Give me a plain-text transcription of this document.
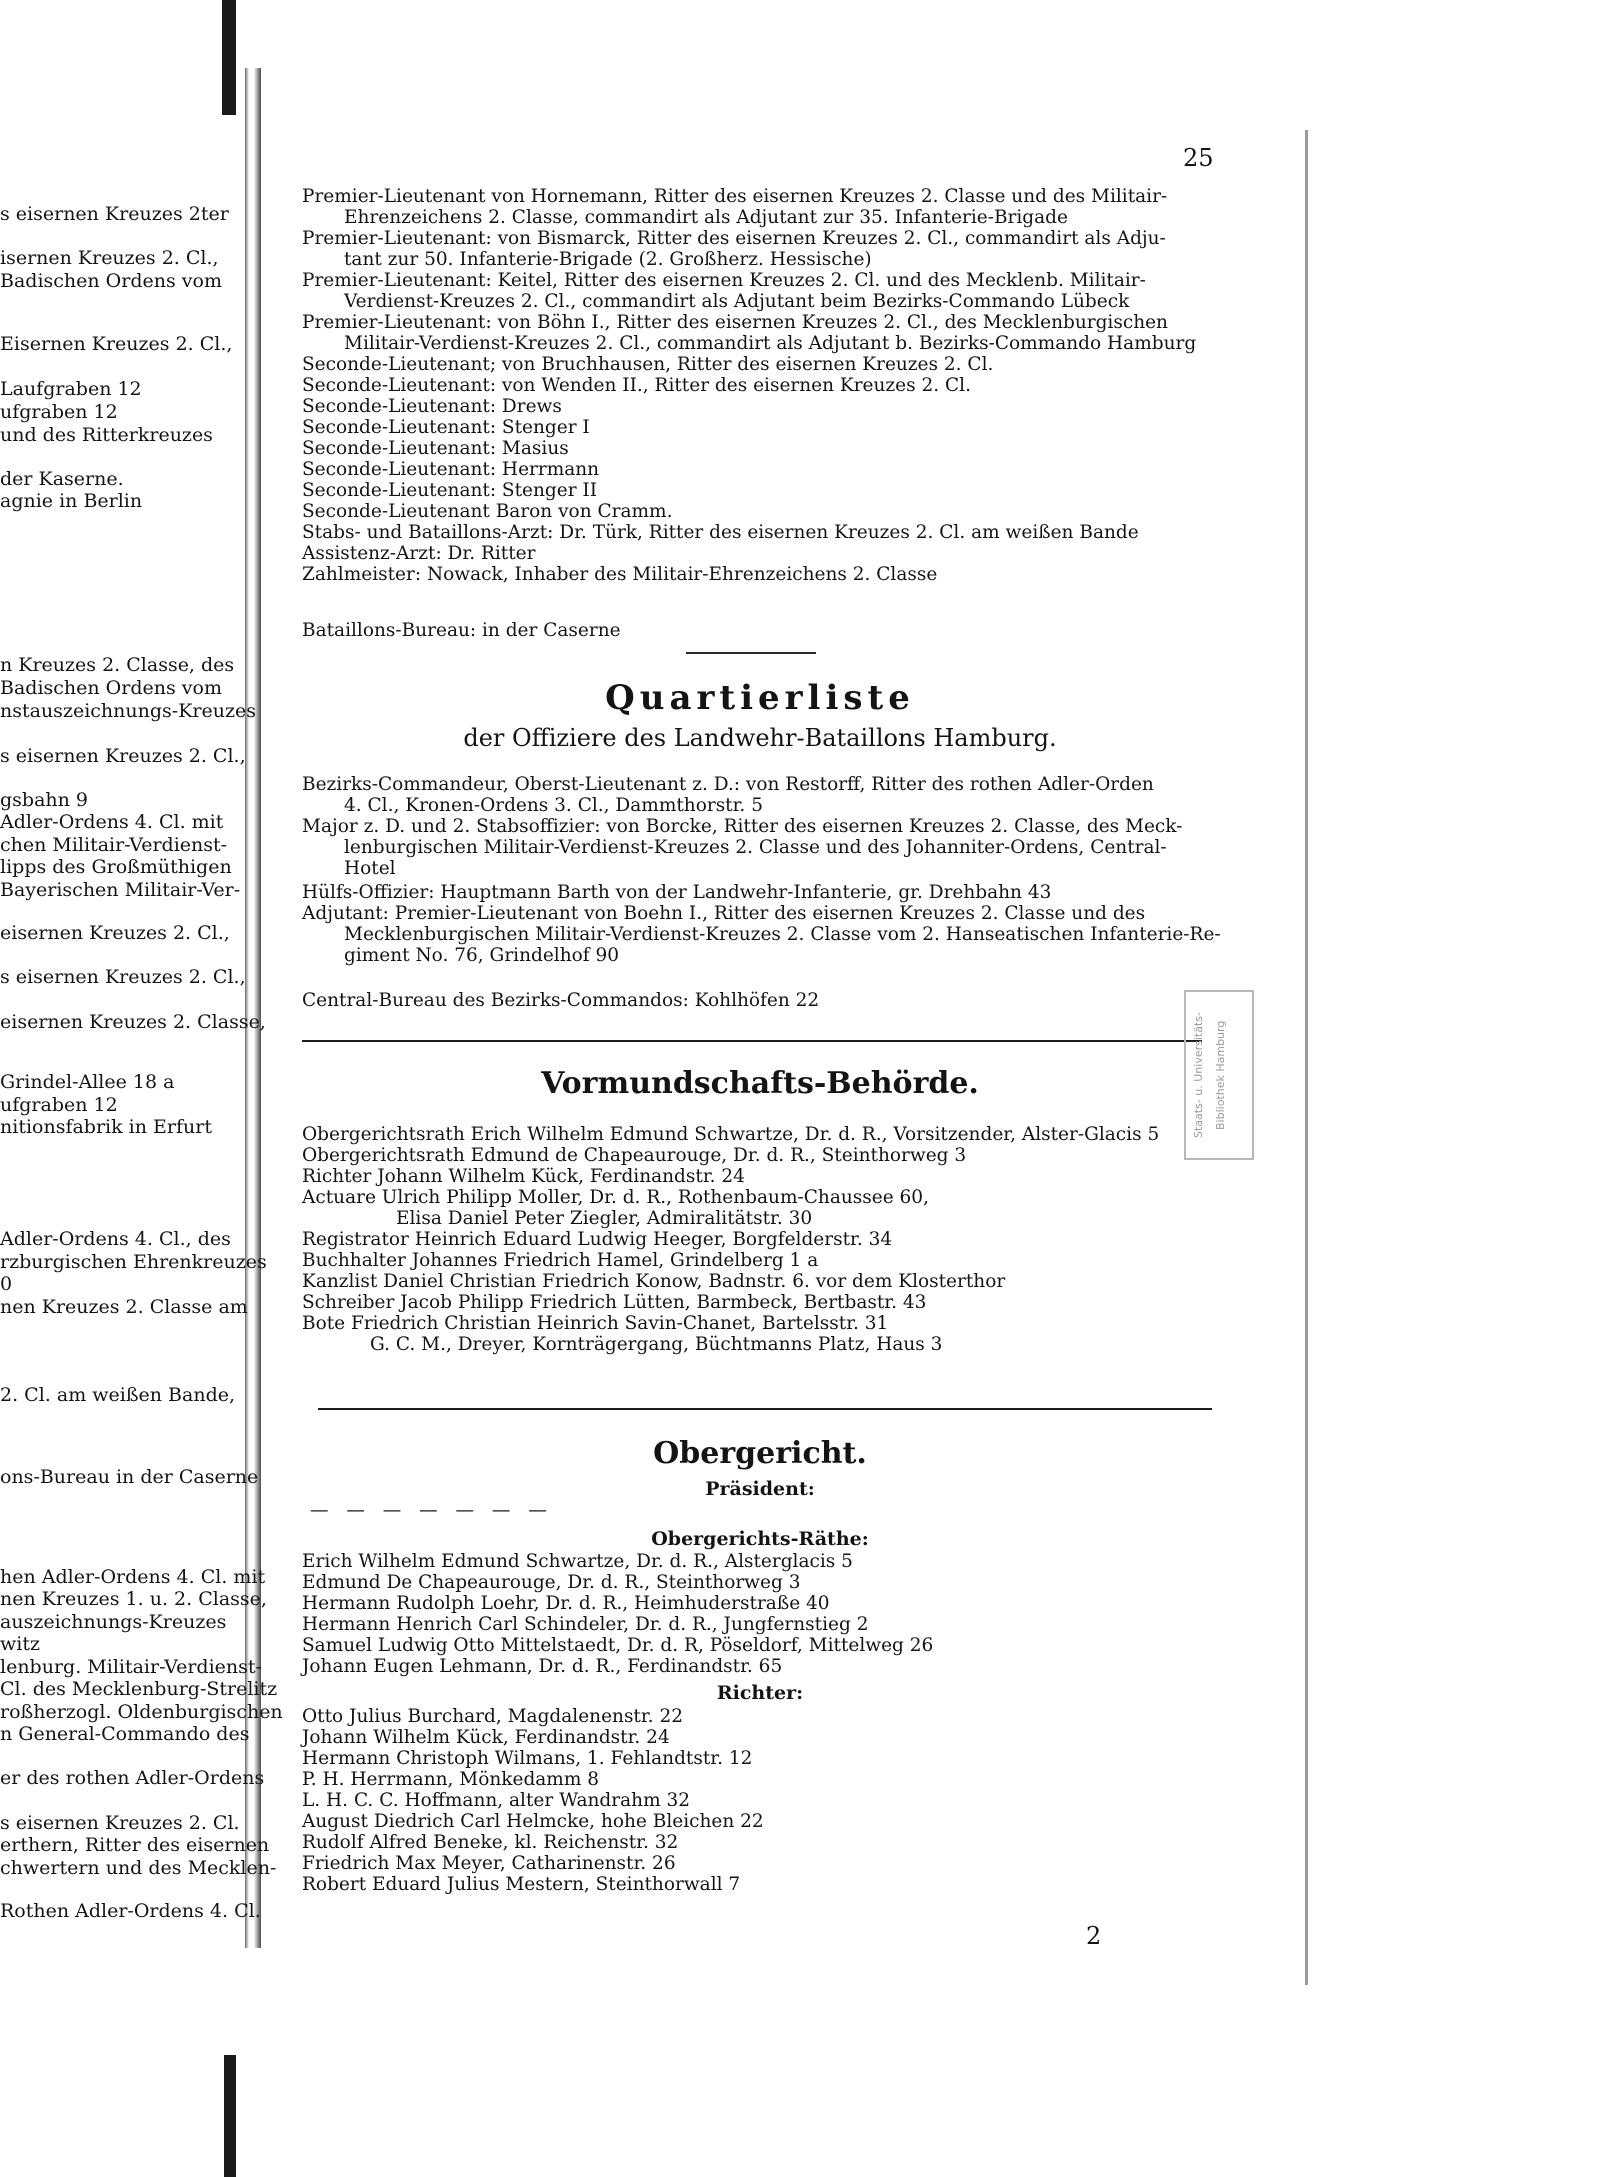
s eisernen Kreuzes 2ter
isernen Kreuzes 2. Cl.,
Badischen Ordens vom
Eisernen Kreuzes 2. Cl.,
Laufgraben 12
ufgraben 12
und des Ritterkreuzes
der Kaserne.
agnie in Berlin
n Kreuzes 2. Classe, des
Badischen Ordens vom
nstauszeichnungs-Kreuzes
s eisernen Kreuzes 2. Cl.,
gsbahn 9
Adler-Ordens 4. Cl. mit
chen Militair-Verdienst-
lipps des Großmüthigen
Bayerischen Militair-Ver-
eisernen Kreuzes 2. Cl.,
s eisernen Kreuzes 2. Cl.,
eisernen Kreuzes 2. Classe,
Grindel-Allee 18 a
ufgraben 12
nitionsfabrik in Erfurt
Adler-Ordens 4. Cl., des
rzburgischen Ehrenkreuzes
0
nen Kreuzes 2. Classe am
2. Cl. am weißen Bande,
ons-Bureau in der Caserne
hen Adler-Ordens 4. Cl. mit
nen Kreuzes 1. u. 2. Classe,
auszeichnungs-Kreuzes
witz
lenburg. Militair-Verdienst-
Cl. des Mecklenburg-Strelitz
roßherzogl. Oldenburgischen
n General-Commando des
er des rothen Adler-Ordens
s eisernen Kreuzes 2. Cl.
erthern, Ritter des eisernen
chwertern und des Mecklen-
Rothen Adler-Ordens 4. Cl.
25
Premier-Lieutenant von Hornemann, Ritter des eisernen Kreuzes 2. Classe und des Militair-
Ehrenzeichens 2. Classe, commandirt als Adjutant zur 35. Infanterie-Brigade
Premier-Lieutenant: von Bismarck, Ritter des eisernen Kreuzes 2. Cl., commandirt als Adju-
tant zur 50. Infanterie-Brigade (2. Großherz. Hessische)
Premier-Lieutenant: Keitel, Ritter des eisernen Kreuzes 2. Cl. und des Mecklenb. Militair-
Verdienst-Kreuzes 2. Cl., commandirt als Adjutant beim Bezirks-Commando Lübeck
Premier-Lieutenant: von Böhn I., Ritter des eisernen Kreuzes 2. Cl., des Mecklenburgischen
Militair-Verdienst-Kreuzes 2. Cl., commandirt als Adjutant b. Bezirks-Commando Hamburg
Seconde-Lieutenant; von Bruchhausen, Ritter des eisernen Kreuzes 2. Cl.
Seconde-Lieutenant: von Wenden II., Ritter des eisernen Kreuzes 2. Cl.
Seconde-Lieutenant: Drews
Seconde-Lieutenant: Stenger I
Seconde-Lieutenant: Masius
Seconde-Lieutenant: Herrmann
Seconde-Lieutenant: Stenger II
Seconde-Lieutenant Baron von Cramm.
Stabs- und Bataillons-Arzt: Dr. Türk, Ritter des eisernen Kreuzes 2. Cl. am weißen Bande
Assistenz-Arzt: Dr. Ritter
Zahlmeister: Nowack, Inhaber des Militair-Ehrenzeichens 2. Classe
Bataillons-Bureau: in der Caserne
Quartierliste
der Offiziere des Landwehr-Bataillons Hamburg.
Bezirks-Commandeur, Oberst-Lieutenant z. D.: von Restorff, Ritter des rothen Adler-Orden
4. Cl., Kronen-Ordens 3. Cl., Dammthorstr. 5
Major z. D. und 2. Stabsoffizier: von Borcke, Ritter des eisernen Kreuzes 2. Classe, des Meck-
lenburgischen Militair-Verdienst-Kreuzes 2. Classe und des Johanniter-Ordens, Central-
Hotel
Hülfs-Offizier: Hauptmann Barth von der Landwehr-Infanterie, gr. Drehbahn 43
Adjutant: Premier-Lieutenant von Boehn I., Ritter des eisernen Kreuzes 2. Classe und des
Mecklenburgischen Militair-Verdienst-Kreuzes 2. Classe vom 2. Hanseatischen Infanterie-Re-
giment No. 76, Grindelhof 90
Central-Bureau des Bezirks-Commandos: Kohlhöfen 22
Vormundschafts-Behörde.
Obergerichtsrath Erich Wilhelm Edmund Schwartze, Dr. d. R., Vorsitzender, Alster-Glacis 5
Obergerichtsrath Edmund de Chapeaurouge, Dr. d. R., Steinthorweg 3
Richter Johann Wilhelm Kück, Ferdinandstr. 24
Actuare Ulrich Philipp Moller, Dr. d. R., Rothenbaum-Chaussee 60,
Elisa Daniel Peter Ziegler, Admiralitätstr. 30
Registrator Heinrich Eduard Ludwig Heeger, Borgfelderstr. 34
Buchhalter Johannes Friedrich Hamel, Grindelberg 1 a
Kanzlist Daniel Christian Friedrich Konow, Badnstr. 6. vor dem Klosterthor
Schreiber Jacob Philipp Friedrich Lütten, Barmbeck, Bertbastr. 43
Bote Friedrich Christian Heinrich Savin-Chanet, Bartelsstr. 31
G. C. M., Dreyer, Kornträgergang, Büchtmanns Platz, Haus 3
Obergericht.
Präsident:
— — — — — — —
Obergerichts-Räthe:
Erich Wilhelm Edmund Schwartze, Dr. d. R., Alsterglacis 5
Edmund De Chapeaurouge, Dr. d. R., Steinthorweg 3
Hermann Rudolph Loehr, Dr. d. R., Heimhuderstraße 40
Hermann Henrich Carl Schindeler, Dr. d. R., Jungfernstieg 2
Samuel Ludwig Otto Mittelstaedt, Dr. d. R, Pöseldorf, Mittelweg 26
Johann Eugen Lehmann, Dr. d. R., Ferdinandstr. 65
Richter:
Otto Julius Burchard, Magdalenenstr. 22
Johann Wilhelm Kück, Ferdinandstr. 24
Hermann Christoph Wilmans, 1. Fehlandtstr. 12
P. H. Herrmann, Mönkedamm 8
L. H. C. C. Hoffmann, alter Wandrahm 32
August Diedrich Carl Helmcke, hohe Bleichen 22
Rudolf Alfred Beneke, kl. Reichenstr. 32
Friedrich Max Meyer, Catharinenstr. 26
Robert Eduard Julius Mestern, Steinthorwall 7
2
Staats- u. Universitäts-Bibliothek Hamburg
